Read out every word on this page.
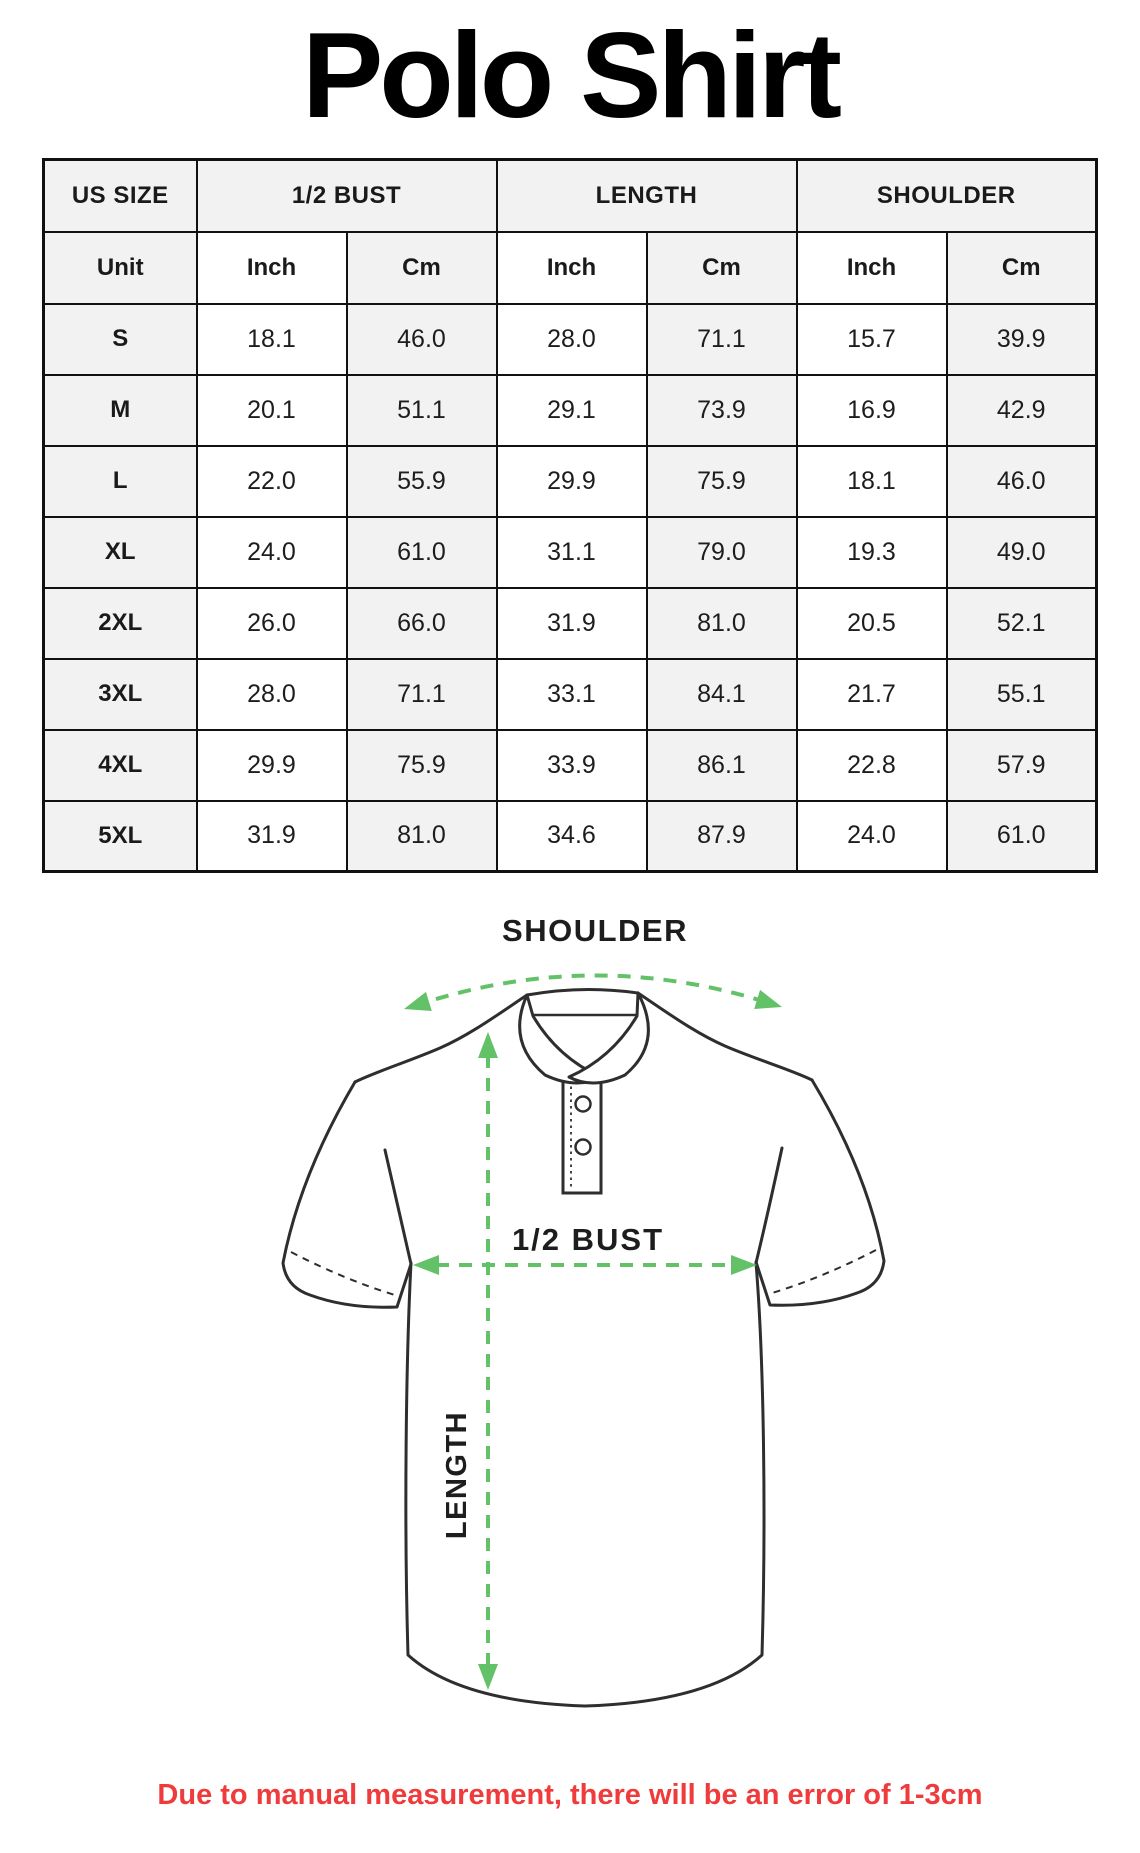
Polo Shirt
US SIZE	1/2 BUST		LENGTH		SHOULDER	
Unit	Inch	Cm	Inch	Cm	Inch	Cm
S	18.1	46.0	28.0	71.1	15.7	39.9
M	20.1	51.1	29.1	73.9	16.9	42.9
L	22.0	55.9	29.9	75.9	18.1	46.0
XL	24.0	61.0	31.1	79.0	19.3	49.0
2XL	26.0	66.0	31.9	81.0	20.5	52.1
3XL	28.0	71.1	33.1	84.1	21.7	55.1
4XL	29.9	75.9	33.9	86.1	22.8	57.9
5XL	31.9	81.0	34.6	87.9	24.0	61.0
SHOULDER
1/2 BUST
LENGTH
Due to manual measurement, there will be an error of 1-3cm
